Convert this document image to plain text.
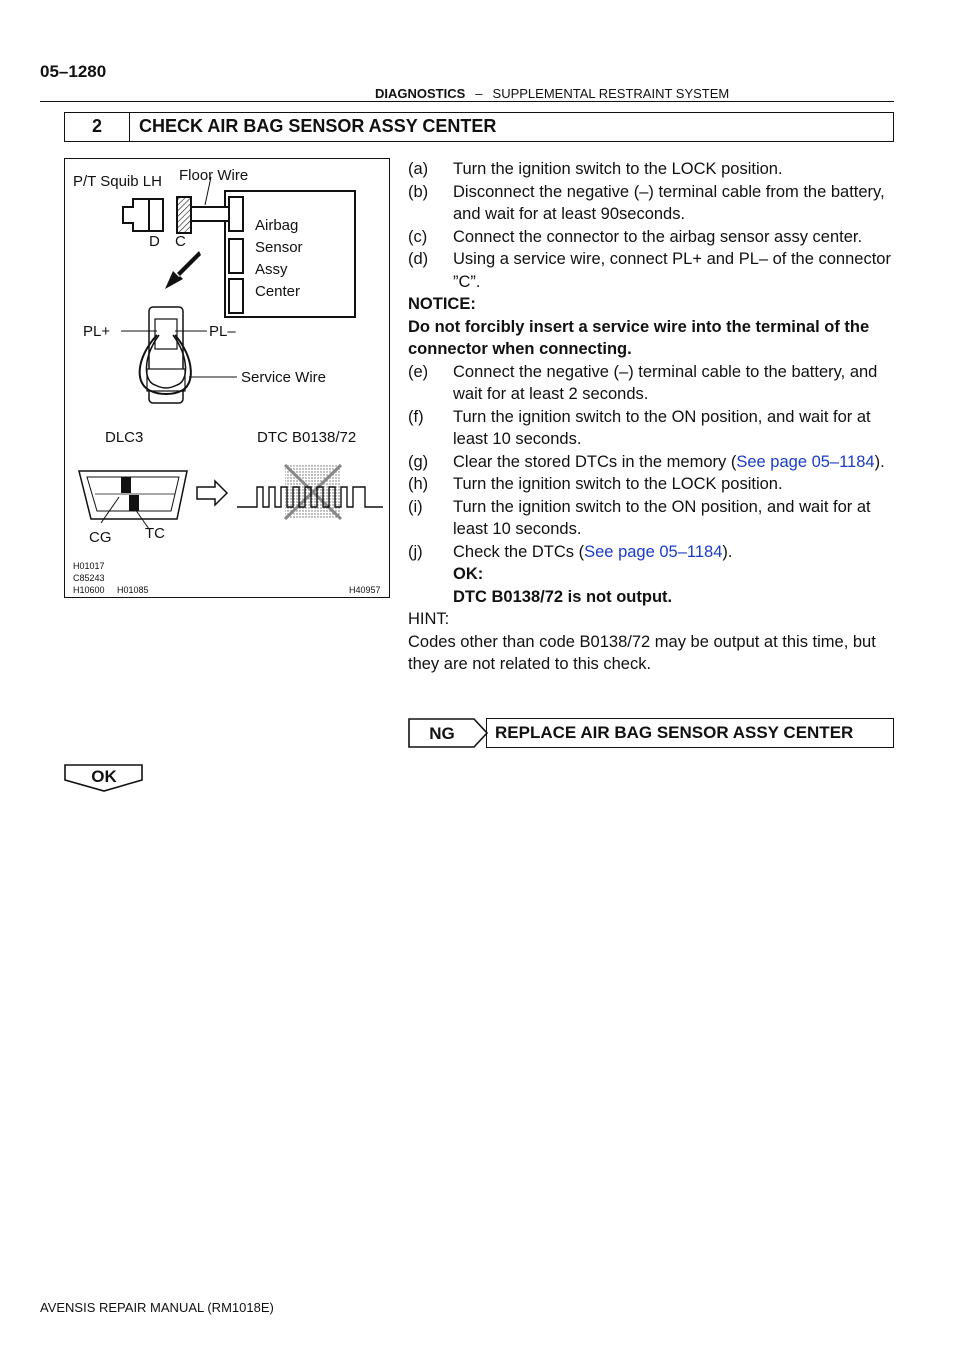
05–1280
DIAGNOSTICS – SUPPLEMENTAL RESTRAINT SYSTEM
2	CHECK AIR BAG SENSOR ASSY CENTER
P/T Squib LH Floor Wire
D C
Airbag
Sensor
Assy
Center
PL+	PL–
Service Wire
DLC3	DTC B0138/72
CG TC
H01017
C85243
H10600 H01085	H40957
(a) Turn the ignition switch to the LOCK position.
(b) Disconnect the negative (–) terminal cable from the battery, and wait for at least 90seconds.
(c) Connect the connector to the airbag sensor assy center.
(d) Using a service wire, connect PL+ and PL– of the connector ”C”.
NOTICE:
Do not forcibly insert a service wire into the terminal of the connector when connecting.
(e) Connect the negative (–) terminal cable to the battery, and wait for at least 2 seconds.
(f) Turn the ignition switch to the ON position, and wait for at least 10 seconds.
(g) Clear the stored DTCs in the memory (See page 05–1184).
(h) Turn the ignition switch to the LOCK position.
(i) Turn the ignition switch to the ON position, and wait for at least 10 seconds.
(j) Check the DTCs (See page 05–1184).
OK:
DTC B0138/72 is not output.
HINT:
Codes other than code B0138/72 may be output at this time, but they are not related to this check.
NG	REPLACE AIR BAG SENSOR ASSY CENTER
OK
AVENSIS REPAIR MANUAL (RM1018E)
